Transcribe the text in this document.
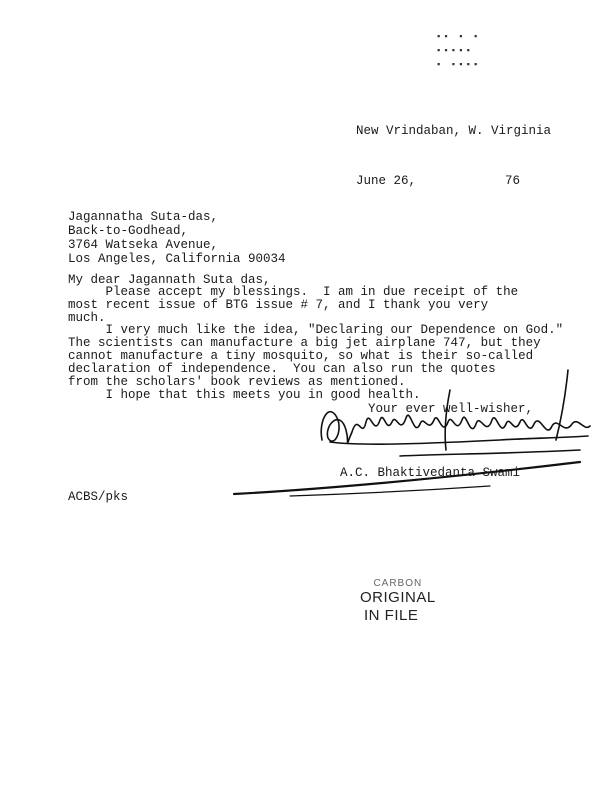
▪▪ ▪ ▪
▪▪▪▪▪
▪ ▪▪▪▪
New Vrindaban, W. Virginia
June 26,	76
Jagannatha Suta-das,
Back-to-Godhead,
3764 Watseka Avenue,
Los Angeles, California 90034
My dear Jagannath Suta das,
Please accept my blessings.  I am in due receipt of the
most recent issue of BTG issue # 7, and I thank you very
much.
I very much like the idea, "Declaring our Dependence on God."
The scientists can manufacture a big jet airplane 747, but they
cannot manufacture a tiny mosquito, so what is their so-called
declaration of independence.  You can also run the quotes
from the scholars' book reviews as mentioned.
I hope that this meets you in good health.
Your ever well-wisher,
A.C. Bhaktivedanta Swami
ACBS/pks
CARBON
ORIGINAL
IN FILE
